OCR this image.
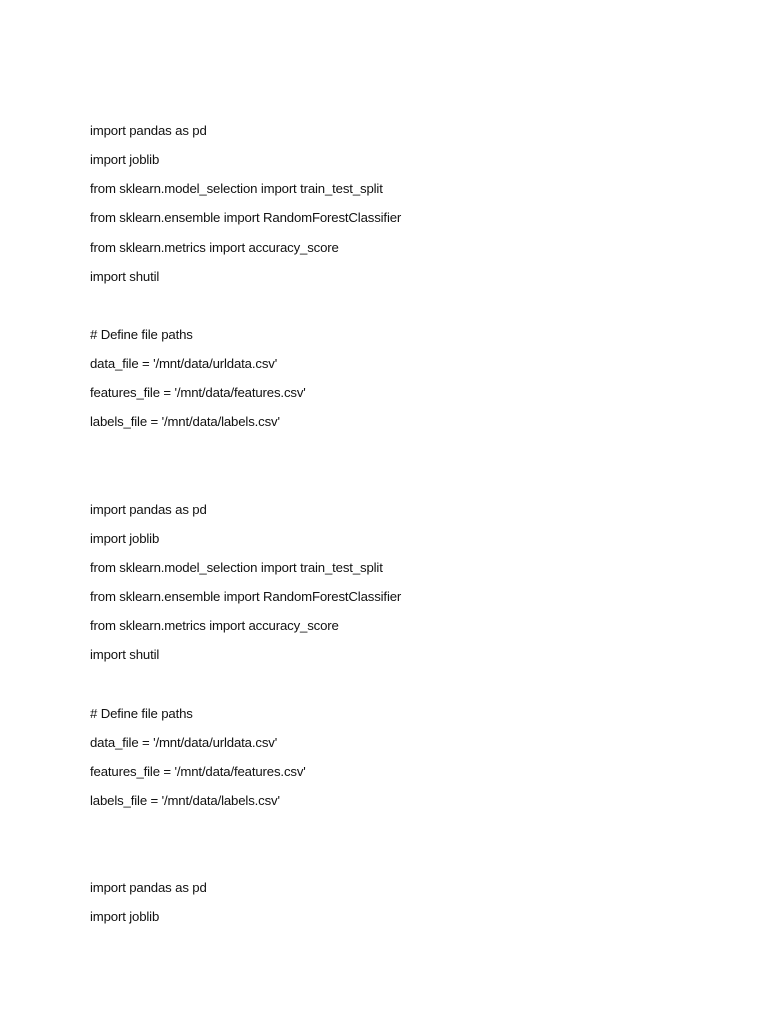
import pandas as pd
import joblib
from sklearn.model_selection import train_test_split
from sklearn.ensemble import RandomForestClassifier
from sklearn.metrics import accuracy_score
import shutil
# Define file paths
data_file = '/mnt/data/urldata.csv'
features_file = '/mnt/data/features.csv'
labels_file = '/mnt/data/labels.csv'
import pandas as pd
import joblib
from sklearn.model_selection import train_test_split
from sklearn.ensemble import RandomForestClassifier
from sklearn.metrics import accuracy_score
import shutil
# Define file paths
data_file = '/mnt/data/urldata.csv'
features_file = '/mnt/data/features.csv'
labels_file = '/mnt/data/labels.csv'
import pandas as pd
import joblib
